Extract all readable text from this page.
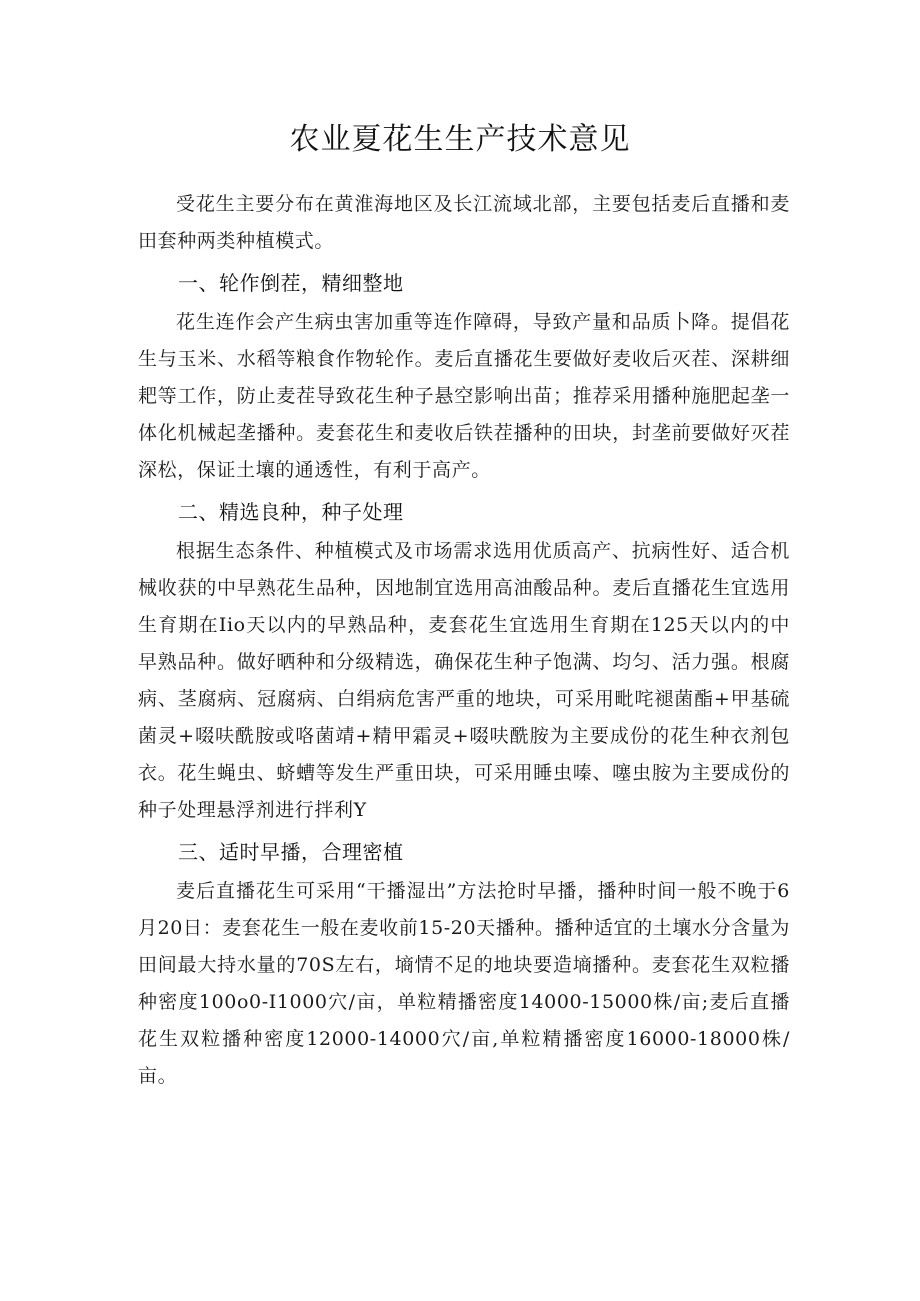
农业夏花生生产技术意见

受花生主要分布在黄淮海地区及长江流域北部，主要包括麦后直播和麦田套种两类种植模式。

一、轮作倒茬，精细整地

花生连作会产生病虫害加重等连作障碍，导致产量和品质卜降。提倡花生与玉米、水稻等粮食作物轮作。麦后直播花生要做好麦收后灭茬、深耕细耙等工作，防止麦茬导致花生种子悬空影响出苗；推荐采用播种施肥起垄一体化机械起垄播种。麦套花生和麦收后铁茬播种的田块，封垄前要做好灭茬深松，保证土壤的通透性，有利于高产。

二、精选良种，种子处理

根据生态条件、种植模式及市场需求选用优质高产、抗病性好、适合机械收获的中早熟花生品种，因地制宜选用高油酸品种。麦后直播花生宜选用生育期在Iio天以内的早熟品种，麦套花生宜选用生育期在125天以内的中早熟品种。做好晒种和分级精选，确保花生种子饱满、均匀、活力强。根腐病、茎腐病、冠腐病、白绢病危害严重的地块，可采用毗咤褪菌酯+甲基硫菌灵+啜呋酰胺或咯菌靖+精甲霜灵+啜呋酰胺为主要成份的花生种衣剂包衣。花生蝇虫、蛴螬等发生严重田块，可采用睡虫嗪、噻虫胺为主要成份的种子处理悬浮剂进行拌利Y

三、适时早播，合理密植

麦后直播花生可采用“干播湿出”方法抢时早播，播种时间一般不晚于6月20日：麦套花生一般在麦收前15-20天播种。播种适宜的土壤水分含量为田间最大持水量的70S左右，墒情不足的地块要造墒播种。麦套花生双粒播种密度100o0-I1000穴/亩，单粒精播密度14000-15000株/亩;麦后直播花生双粒播种密度12000-14000穴/亩,单粒精播密度16000-18000株/亩。
